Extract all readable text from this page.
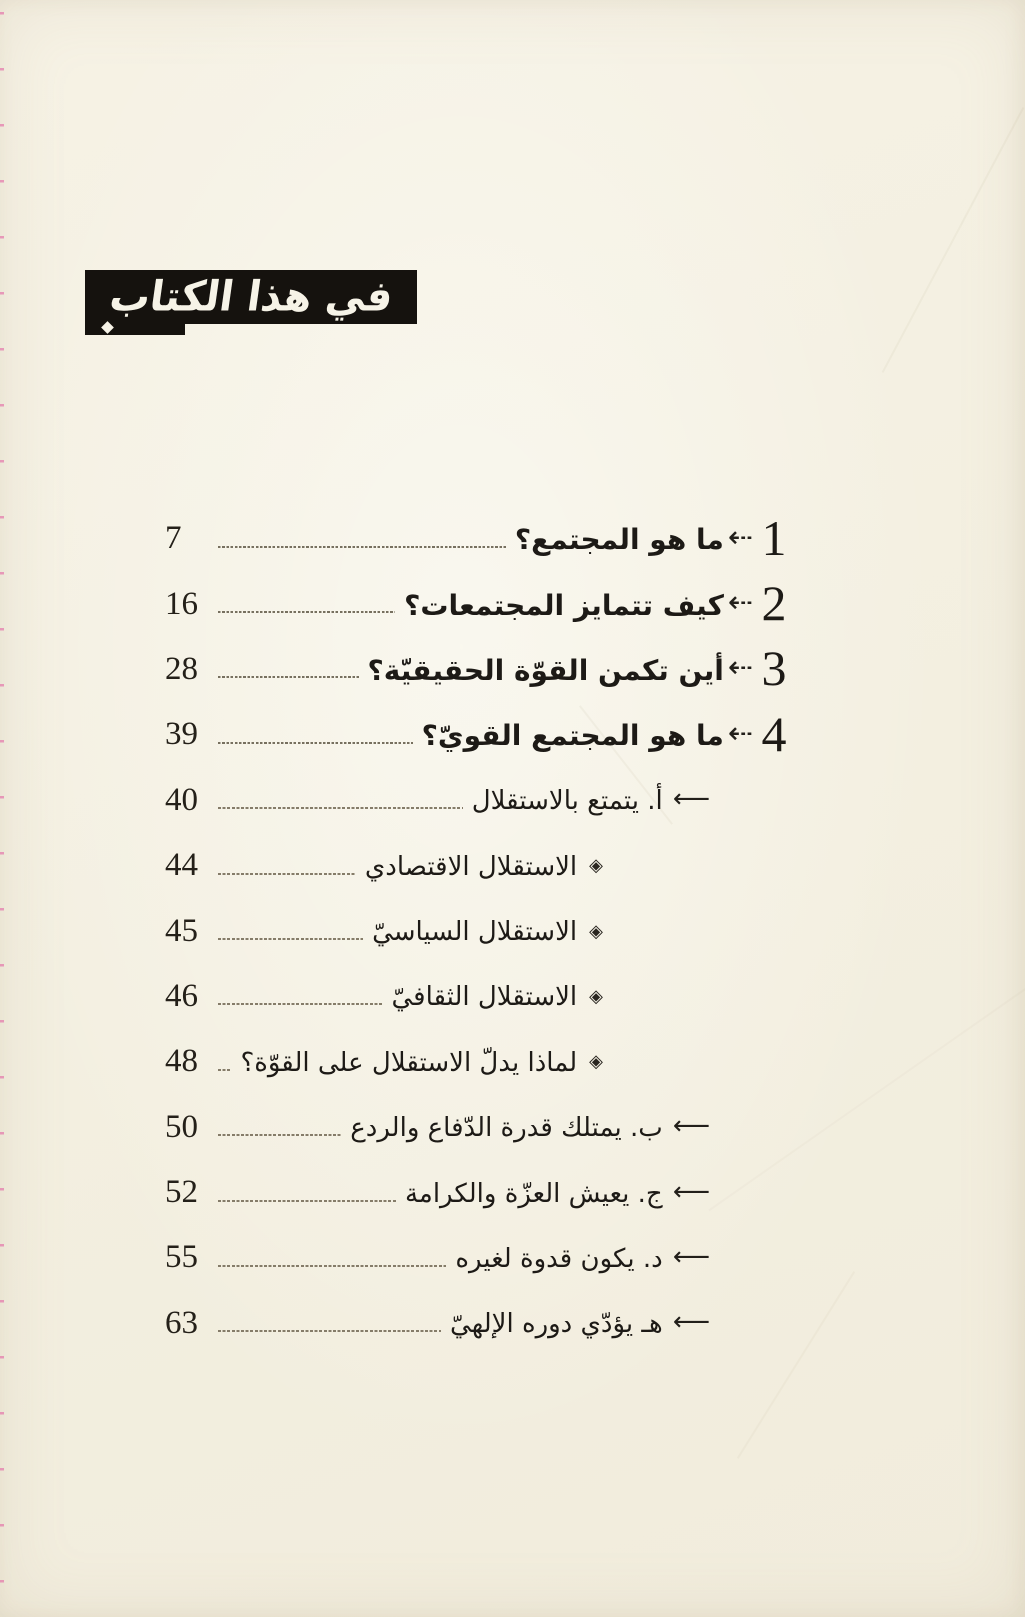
في هذا الكتاب
1
⇠
ما هو المجتمع؟
7
2
⇠
كيف تتمايز المجتمعات؟
16
3
⇠
أين تكمن القوّة الحقيقيّة؟
28
4
⇠
ما هو المجتمع القويّ؟
39
⟵
أ. يتمتع بالاستقلال
40
◈
الاستقلال الاقتصادي
44
◈
الاستقلال السياسيّ
45
◈
الاستقلال الثقافيّ
46
◈
لماذا يدلّ الاستقلال على القوّة؟
48
⟵
ب. يمتلك قدرة الدّفاع والردع
50
⟵
ج. يعيش العزّة والكرامة
52
⟵
د. يكون قدوة لغيره
55
⟵
هـ يؤدّي دوره الإلهيّ
63
